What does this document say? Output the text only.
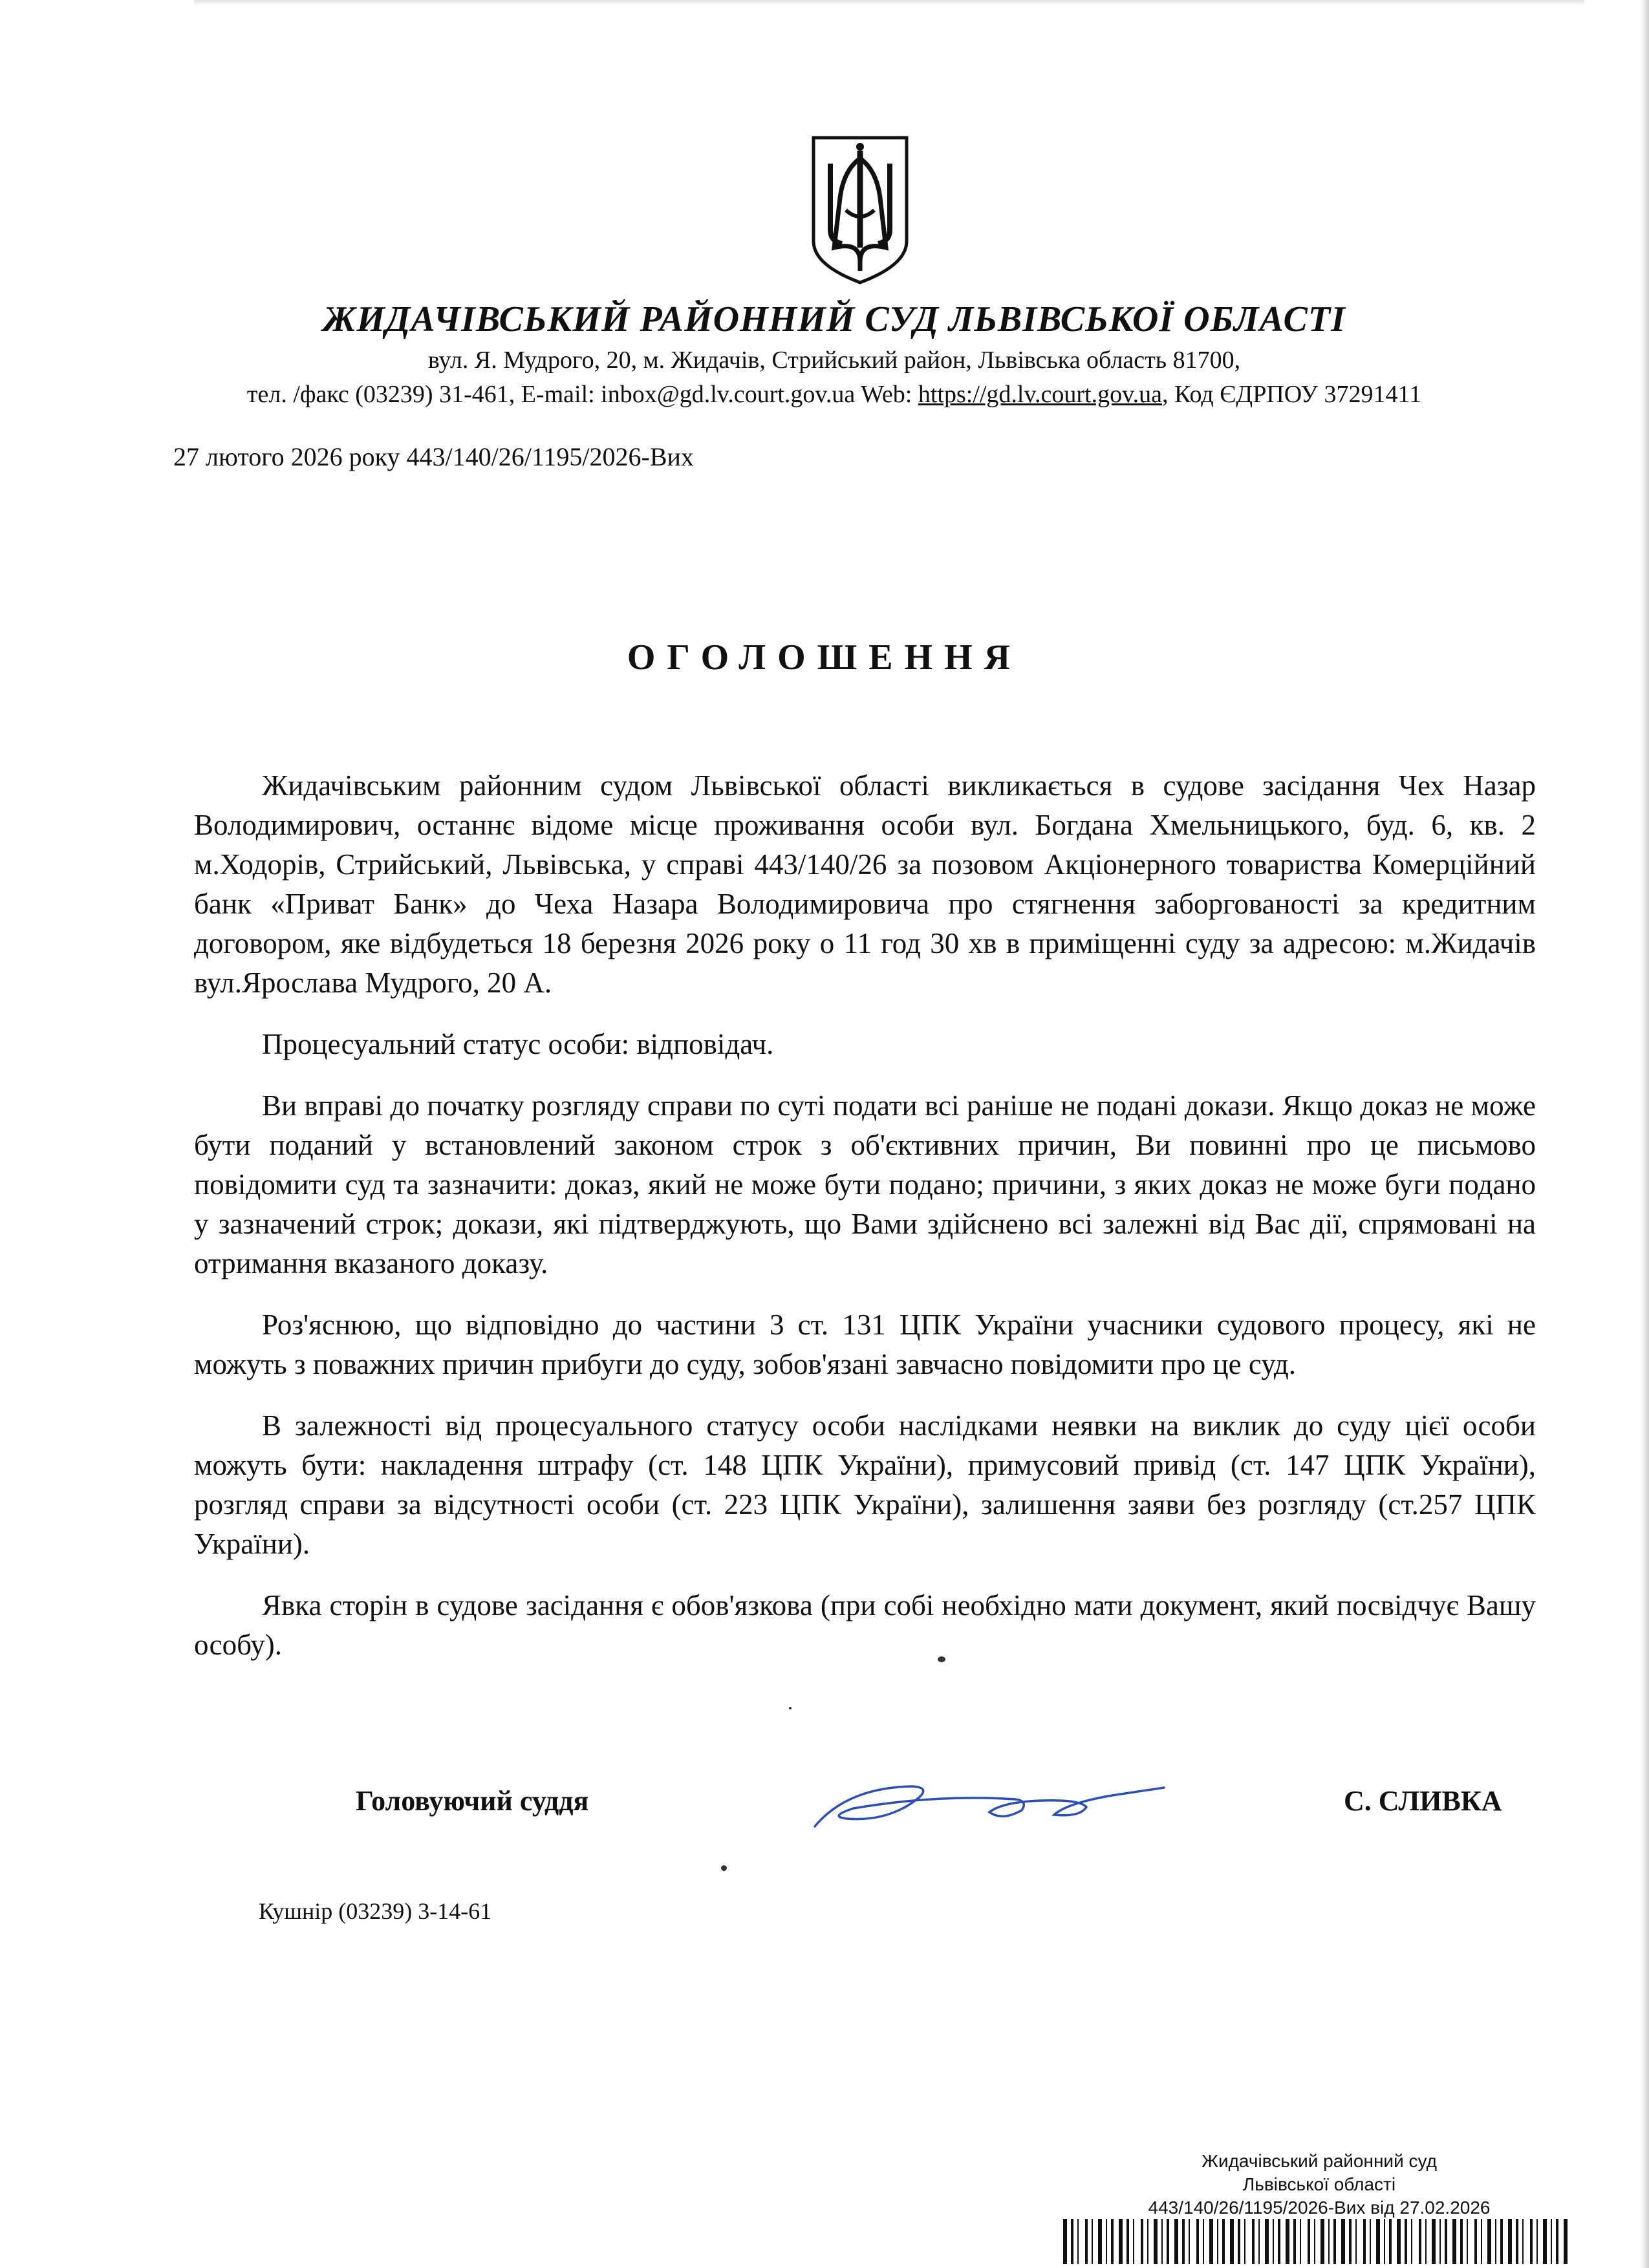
ЖИДАЧІВСЬКИЙ РАЙОННИЙ СУД ЛЬВІВСЬКОЇ ОБЛАСТІ
вул. Я. Мудрого, 20, м. Жидачів, Стрийський район, Львівська область 81700,
тел. /факс (03239) 31-461, E-mail: inbox@gd.lv.court.gov.ua Web: https://gd.lv.court.gov.ua, Код ЄДРПОУ 37291411
27 лютого 2026 року 443/140/26/1195/2026-Вих
ОГОЛОШЕННЯ

Жидачівським районним судом Львівської області викликається в судове засідання Чех Назар Володимирович, останнє відоме місце проживання особи вул. Богдана Хмельницького, буд. 6, кв. 2 м.Ходорів, Стрийський, Львівська, у справі 443/140/26 за позовом Акціонерного товариства Комерційний банк «Приват Банк» до Чеха Назара Володимировича про стягнення заборгованості за кредитним договором, яке відбудеться 18 березня 2026 року о 11 год 30 хв в приміщенні суду за адресою: м.Жидачів вул.Ярослава Мудрого, 20 А.

Процесуальний статус особи: відповідач.

Ви вправі до початку розгляду справи по суті подати всі раніше не подані докази. Якщо доказ не може бути поданий у встановлений законом строк з об'єктивних причин, Ви повинні про це письмово повідомити суд та зазначити: доказ, який не може бути подано; причини, з яких доказ не може буги подано у зазначений строк; докази, які підтверджують, що Вами здійснено всі залежні від Вас дії, спрямовані на отримання вказаного доказу.

Роз'яснюю, що відповідно до частини 3 ст. 131 ЦПК України учасники судового процесу, які не можуть з поважних причин прибуги до суду, зобов'язані завчасно повідомити про це суд.

В залежності від процесуального статусу особи наслідками неявки на виклик до суду цієї особи можуть бути: накладення штрафу (ст. 148 ЦПК України), примусовий привід (ст. 147 ЦПК України), розгляд справи за відсутності особи (ст. 223 ЦПК України), залишення заяви без розгляду (ст.257 ЦПК України).

Явка сторін в судове засідання є обов'язкова (при собі необхідно мати документ, який посвідчує Вашу особу).

Головуючий суддя	С. СЛИВКА
Кушнір (03239) 3-14-61
Жидачівський районний суд
Львівської області
443/140/26/1195/2026-Вих від 27.02.2026
